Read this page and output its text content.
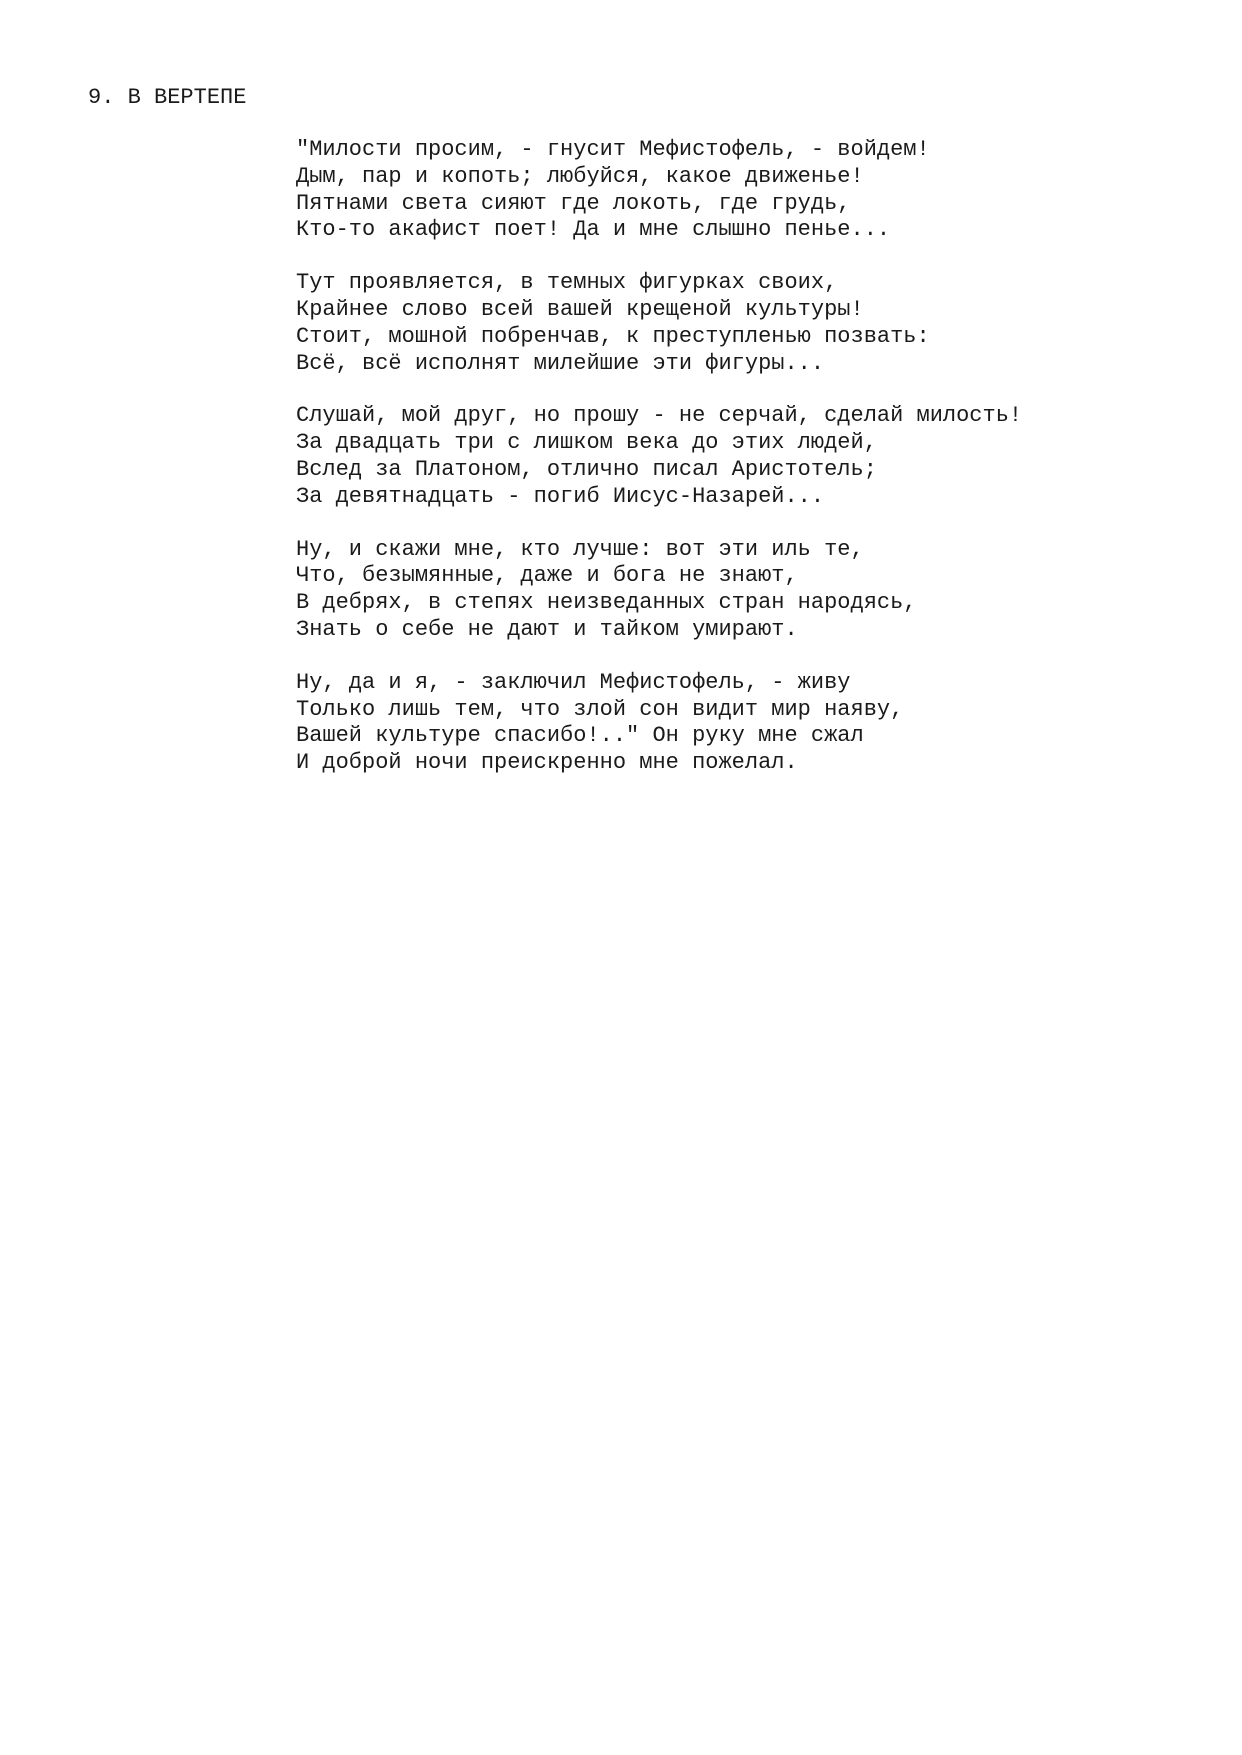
9. В ВЕРТЕПЕ
"Милости просим, - гнусит Мефистофель, - войдем!
Дым, пар и копоть; любуйся, какое движенье!
Пятнами света сияют где локоть, где грудь,
Кто-то акафист поет! Да и мне слышно пенье...
Тут проявляется, в темных фигурках своих,
Крайнее слово всей вашей крещеной культуры!
Стоит, мошной побренчав, к преступленью позвать:
Всё, всё исполнят милейшие эти фигуры...
Слушай, мой друг, но прошу - не серчай, сделай милость!
За двадцать три с лишком века до этих людей,
Вслед за Платоном, отлично писал Аристотель;
За девятнадцать - погиб Иисус-Назарей...
Ну, и скажи мне, кто лучше: вот эти иль те,
Что, безымянные, даже и бога не знают,
В дебрях, в степях неизведанных стран народясь,
Знать о себе не дают и тайком умирают.
Ну, да и я, - заключил Мефистофель, - живу
Только лишь тем, что злой сон видит мир наяву,
Вашей культуре спасибо!.." Он руку мне сжал
И доброй ночи преискренно мне пожелал.
